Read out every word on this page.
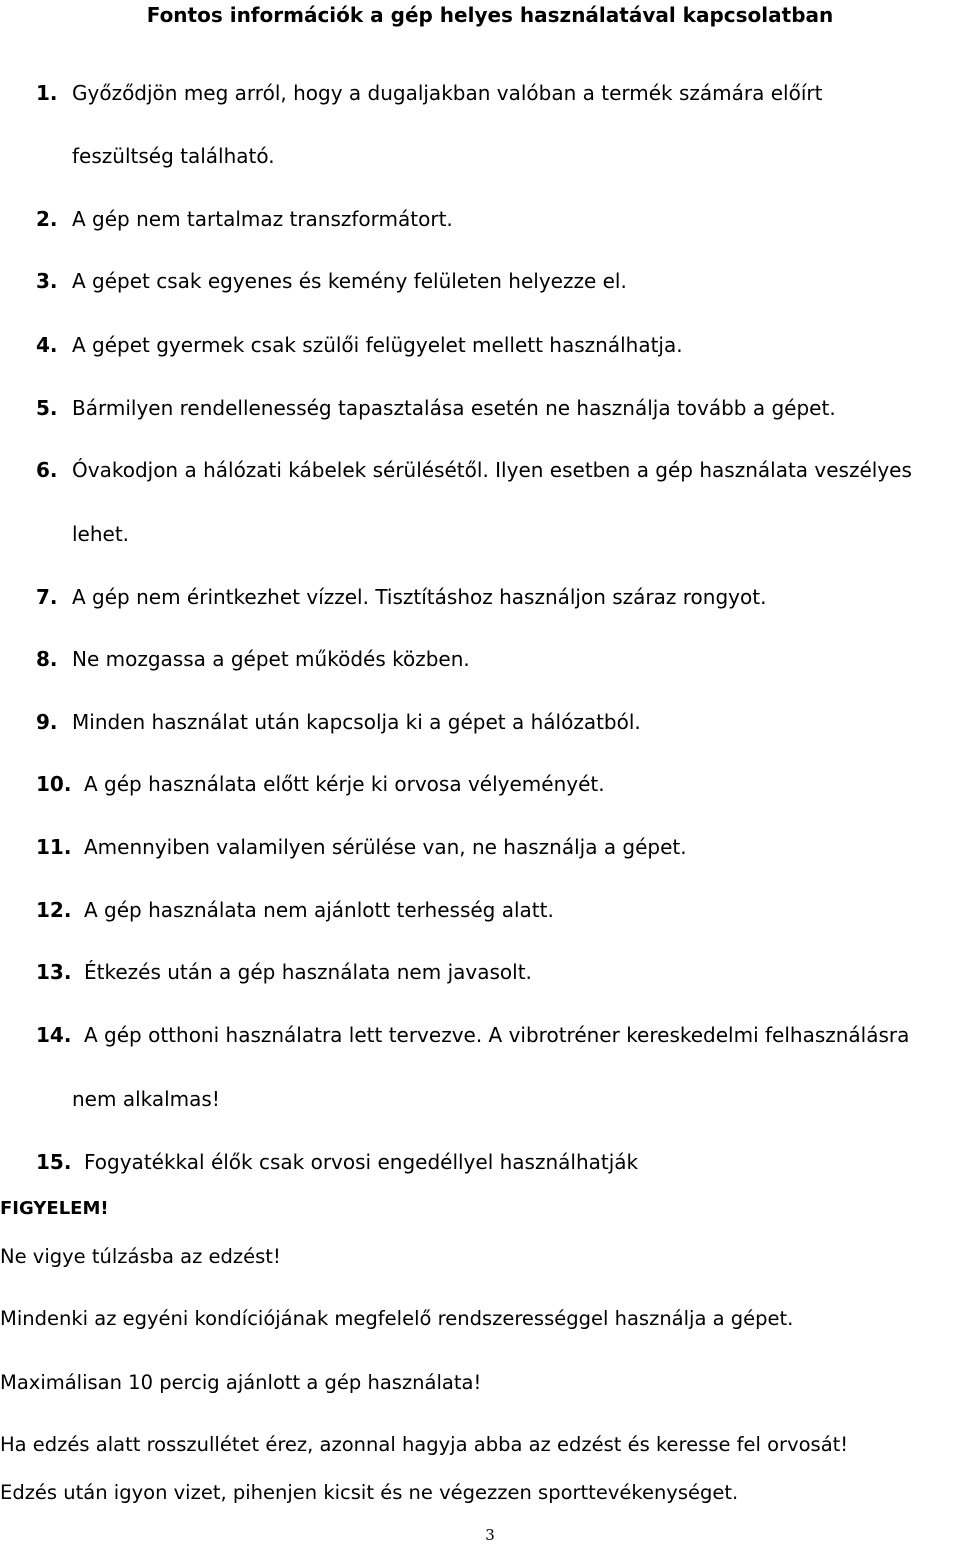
Fontos információk a gép helyes használatával kapcsolatban
1. Győződjön meg arról, hogy a dugaljakban valóban a termék számára előírt
feszültség található.
2. A gép nem tartalmaz transzformátort.
3. A gépet csak egyenes és kemény felületen helyezze el.
4. A gépet gyermek csak szülői felügyelet mellett használhatja.
5. Bármilyen rendellenesség tapasztalása esetén ne használja tovább a gépet.
6. Óvakodjon a hálózati kábelek sérülésétől. Ilyen esetben a gép használata veszélyes
lehet.
7. A gép nem érintkezhet vízzel. Tisztításhoz használjon száraz rongyot.
8. Ne mozgassa a gépet működés közben.
9. Minden használat után kapcsolja ki a gépet a hálózatból.
10. A gép használata előtt kérje ki orvosa vélyeményét.
11. Amennyiben valamilyen sérülése van, ne használja a gépet.
12. A gép használata nem ajánlott terhesség alatt.
13. Étkezés után a gép használata nem javasolt.
14. A gép otthoni használatra lett tervezve. A vibrotréner kereskedelmi felhasználásra
nem alkalmas!
15. Fogyatékkal élők csak orvosi engedéllyel használhatják
FIGYELEM!
Ne vigye túlzásba az edzést!
Mindenki az egyéni kondíciójának megfelelő rendszerességgel használja a gépet.
Maximálisan 10 percig ajánlott a gép használata!
Ha edzés alatt rosszullétet érez, azonnal hagyja abba az edzést és keresse fel orvosát!
Edzés után igyon vizet, pihenjen kicsit és ne végezzen sporttevékenységet.
3
